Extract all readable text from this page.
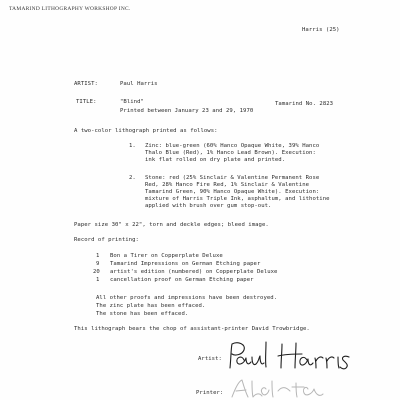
TAMARIND LITHOGRAPHY WORKSHOP INC.
Harris (25)
ARTIST:	Paul Harris
TITLE:	"Blind"	Tamarind No. 2823
Printed between January 23 and 29, 1970
A two-color lithograph printed as follows:
1. Zinc: blue-green (60% Hanco Opaque White, 39% Hanco
Thalo Blue (Red), 1% Hanco Lead Brown). Execution:
ink flat rolled on dry plate and printed.
2. Stone: red (25% Sinclair & Valentine Permanent Rose
Red, 28% Hanco Fire Red, 1% Sinclair & Valentine
Tamarind Green, 90% Hanco Opaque White). Execution:
mixture of Harris Triple Ink, asphaltum, and lithotine
applied with brush over gum stop-out.
Paper size 30" x 22", torn and deckle edges; bleed image.
Record of printing:
1 Bon a Tirer on Copperplate Deluxe
9 Tamarind Impressions on German Etching paper
20 artist's edition (numbered) on Copperplate Deluxe
1 cancellation proof on German Etching paper
All other proofs and impressions have been destroyed.
The zinc plate has been effaced.
The stone has been effaced.
This lithograph bears the chop of assistant-printer David Trowbridge.
Artist:
Printer:
